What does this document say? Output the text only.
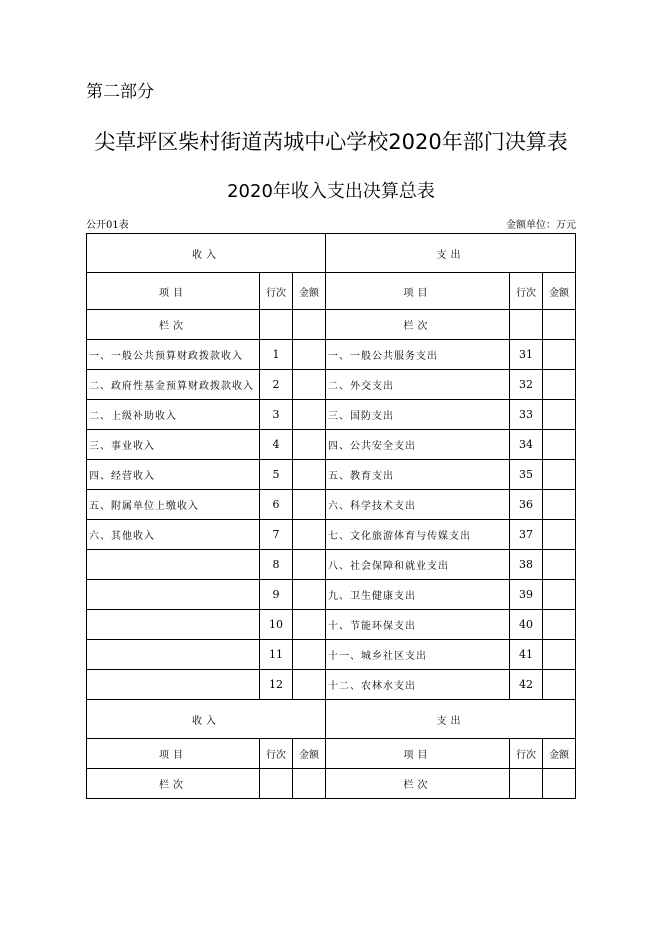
第二部分
尖草坪区柴村街道芮城中心学校2020年部门决算表
2020年收入支出决算总表
公开01表	金额单位：万元
收入			支出		
项目	行次	金额	项目	行次	金额
栏次			栏次		
一、一般公共预算财政拨款收入	1		一、一般公共服务支出	31	
二、政府性基金预算财政拨款收入	2		二、外交支出	32	
二、上级补助收入	3		三、国防支出	33	
三、事业收入	4		四、公共安全支出	34	
四、经营收入	5		五、教育支出	35	
五、附属单位上缴收入	6		六、科学技术支出	36	
六、其他收入	7		七、文化旅游体育与传媒支出	37	
	8		八、社会保障和就业支出	38	
	9		九、卫生健康支出	39	
	10		十、节能环保支出	40	
	11		十一、城乡社区支出	41	
	12		十二、农林水支出	42	
收入			支出		
项目	行次	金额	项目	行次	金额
栏次			栏次		
